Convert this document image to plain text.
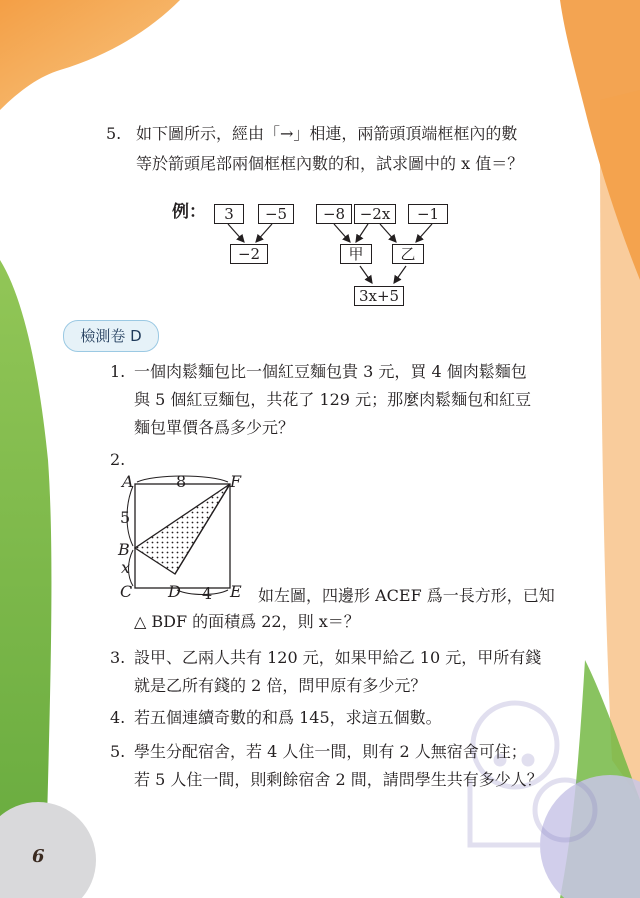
5. 如下圖所示，經由「→」相連，兩箭頭頂端框框內的數
等於箭頭尾部兩個框框內數的和，試求圖中的 x 值＝？
例：	3	−5
−2
−8 −2x	−1
甲	乙
3x+5
檢測卷 D
1. 一個肉鬆麵包比一個紅豆麵包貴 3 元，買 4 個肉鬆麵包
與 5 個紅豆麵包，共花了 129 元；那麼肉鬆麵包和紅豆
麵包單價各爲多少元？
2.
A	F
B
C D	E
8
5
x
4	如左圖，四邊形 ACEF 爲一長方形，已知
△ BDF 的面積爲 22，則 x＝？
3. 設甲、乙兩人共有 120 元，如果甲給乙 10 元，甲所有錢
就是乙所有錢的 2 倍，問甲原有多少元？
4. 若五個連續奇數的和爲 145，求這五個數。
5. 學生分配宿舍，若 4 人住一間，則有 2 人無宿舍可住；
若 5 人住一間，則剩餘宿舍 2 間，請問學生共有多少人？
6
